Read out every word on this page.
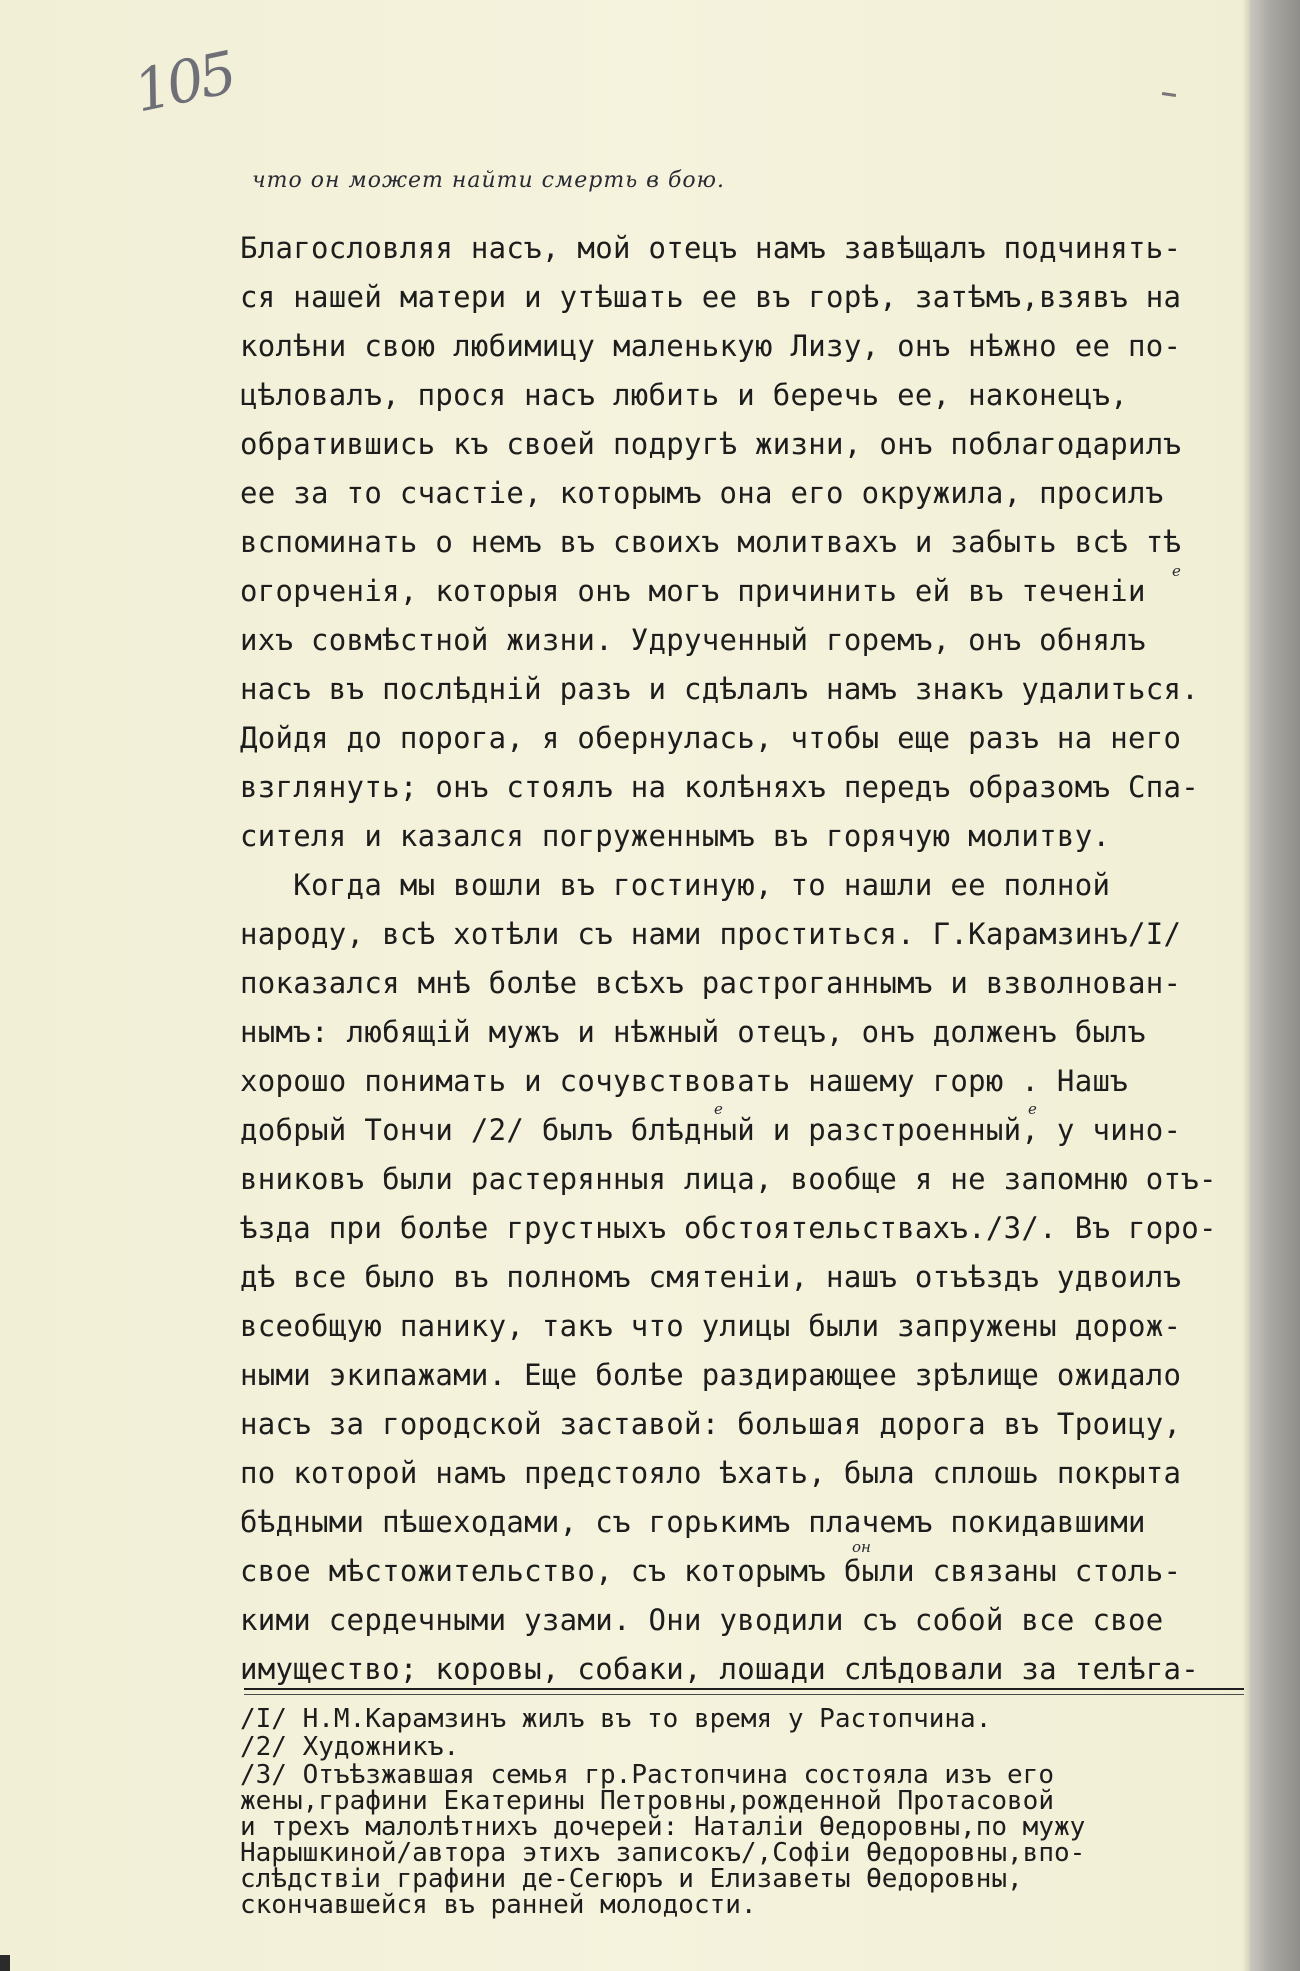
105
что он может найти смерть в бою.
е
е	е
он
Благословляя насъ, мой отецъ намъ завѣщалъ подчинять-
ся нашей матери и утѣшать ее въ горѣ, затѣмъ,взявъ на
колѣни свою любимицу маленькую Лизу, онъ нѣжно ее по-
цѣловалъ, прося насъ любить и беречь ее, наконецъ,
обратившись къ своей подругѣ жизни, онъ поблагодарилъ
ее за то счастіе, которымъ она его окружила, просилъ
вспоминать о немъ въ своихъ молитвахъ и забыть всѣ тѣ
огорченія, которыя онъ могъ причинить ей въ теченіи
ихъ совмѣстной жизни. Удрученный горемъ, онъ обнялъ
насъ въ послѣдній разъ и сдѣлалъ намъ знакъ удалиться.
Дойдя до порога, я обернулась, чтобы еще разъ на него
взглянуть; онъ стоялъ на колѣняхъ передъ образомъ Спа-
сителя и казался погруженнымъ въ горячую молитву.
Когда мы вошли въ гостиную, то нашли ее полной
народу, всѣ хотѣли съ нами проститься. Г.Карамзинъ/I/
показался мнѣ болѣе всѣхъ растроганнымъ и взволнован-
нымъ: любящій мужъ и нѣжный отецъ, онъ долженъ былъ
хорошо понимать и сочувствовать нашему горю . Нашъ
добрый Тончи /2/ былъ блѣдный и разстроенный, у чино-
вниковъ были растерянныя лица, вообще я не запомню отъ-
ѣзда при болѣе грустныхъ обстоятельствахъ./3/. Въ горо-
дѣ все было въ полномъ смятеніи, нашъ отъѣздъ удвоилъ
всеобщую панику, такъ что улицы были запружены дорож-
ными экипажами. Еще болѣе раздирающее зрѣлище ожидало
насъ за городской заставой: большая дорога въ Троицу,
по которой намъ предстояло ѣхать, была сплошь покрыта
бѣдными пѣшеходами, съ горькимъ плачемъ покидавшими
свое мѣстожительство, съ которымъ были связаны столь-
кими сердечными узами. Они уводили съ собой все свое
имущество; коровы, собаки, лошади слѣдовали за телѣга-
/I/ Н.М.Карамзинъ жилъ въ то время у Растопчина.
/2/ Художникъ.
/3/ Отъѣзжавшая семья гр.Растопчина состояла изъ его
жены,графини Екатерины Петровны,рожденной Протасовой
и трехъ малолѣтнихъ дочерей: Наталіи Ѳедоровны,по мужу
Нарышкиной/автора этихъ записокъ/,Софіи Ѳедоровны,впо-
слѣдствіи графини де-Сегюръ и Елизаветы Ѳедоровны,
скончавшейся въ ранней молодости.
